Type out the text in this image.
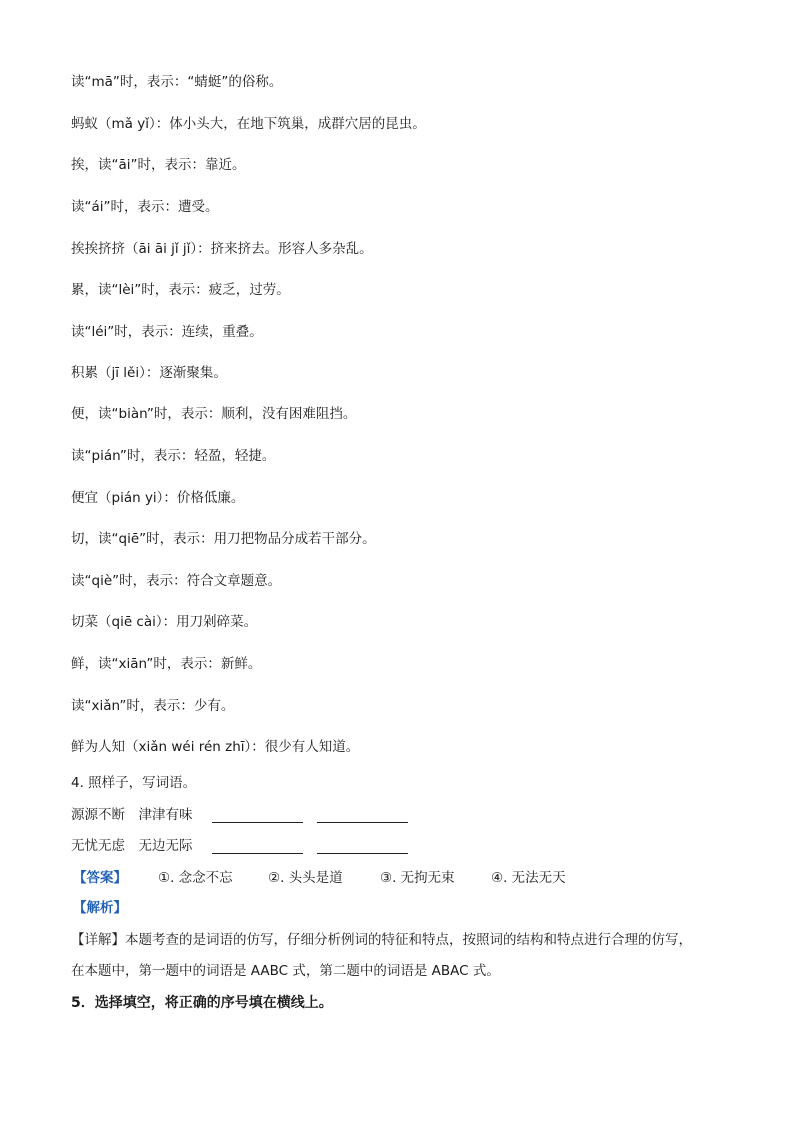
读“mā”时，表示：“蜻蜓”的俗称。
蚂蚁（mǎ yǐ）：体小头大，在地下筑巢，成群穴居的昆虫。
挨，读“āi”时，表示：靠近。
读“ái”时，表示：遭受。
挨挨挤挤（āi āi jǐ jǐ）：挤来挤去。形容人多杂乱。
累，读“lèi”时，表示：疲乏，过劳。
读“léi”时，表示：连续，重叠。
积累（jī lěi）：逐渐聚集。
便，读“biàn”时，表示：顺利，没有困难阻挡。
读“pián”时，表示：轻盈，轻捷。
便宜（pián yi）：价格低廉。
切，读“qiē”时，表示：用刀把物品分成若干部分。
读“qiè”时，表示：符合文章题意。
切菜（qiē cài）：用刀剁碎菜。
鲜，读“xiān”时，表示：新鲜。
读“xiǎn”时，表示：少有。
鲜为人知（xiǎn wéi rén zhī）：很少有人知道。
4. 照样子，写词语。
源源不断　津津有味
无忧无虑　无边无际
【答案】 ①. 念念不忘	②. 头头是道	③. 无拘无束	④. 无法无天
【解析】
【详解】本题考查的是词语的仿写，仔细分析例词的特征和特点，按照词的结构和特点进行合理的仿写，
在本题中，第一题中的词语是 AABC 式，第二题中的词语是 ABAC 式。
5．选择填空，将正确的序号填在横线上。
